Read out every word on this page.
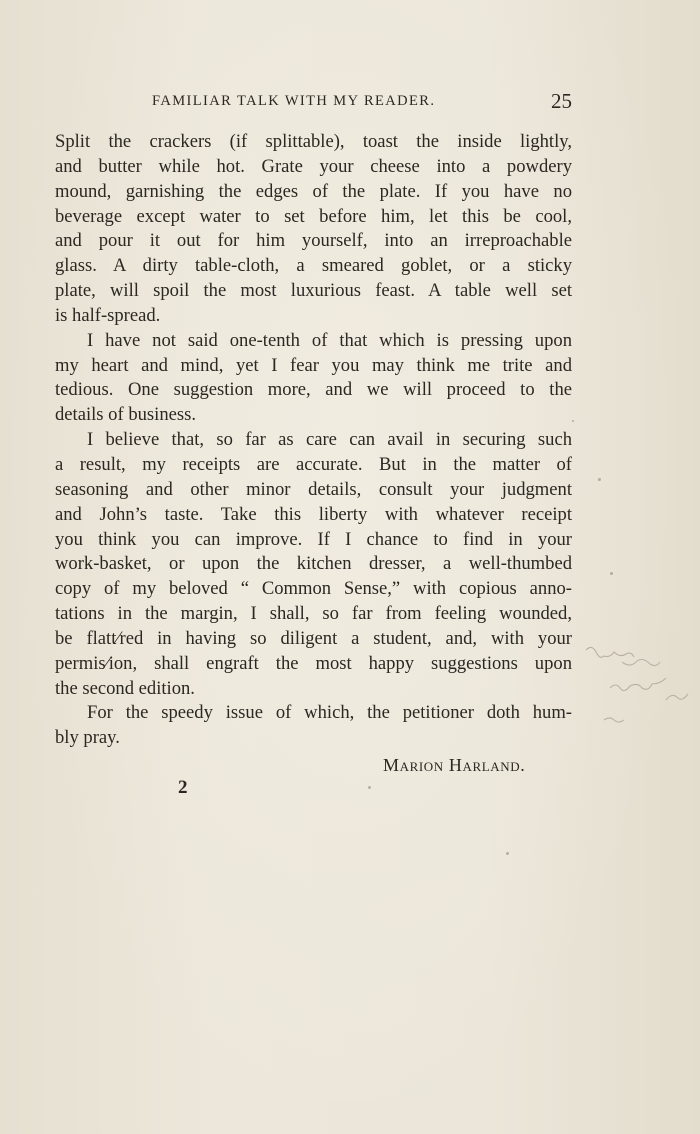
FAMILIAR TALK WITH MY READER.	25
Split the crackers (if splittable), toast the inside lightly,
and butter while hot. Grate your cheese into a powdery
mound, garnishing the edges of the plate. If you have no
beverage except water to set before him, let this be cool,
and pour it out for him yourself, into an irreproachable
glass. A dirty table-cloth, a smeared goblet, or a sticky
plate, will spoil the most luxurious feast. A table well set
is half-spread.
I have not said one-tenth of that which is pressing upon
my heart and mind, yet I fear you may think me trite and
tedious. One suggestion more, and we will proceed to the
details of business.
I believe that, so far as care can avail in securing such
a result, my receipts are accurate. But in the matter of
seasoning and other minor details, consult your judgment
and John’s taste. Take this liberty with whatever receipt
you think you can improve. If I chance to find in your
work-basket, or upon the kitchen dresser, a well-thumbed
copy of my beloved “ Common Sense,” with copious anno-
tations in the margin, I shall, so far from feeling wounded,
be flatt⁄red in having so diligent a student, and, with your
permis⁄ion, shall engraft the most happy suggestions upon
the second edition.
For the speedy issue of which, the petitioner doth hum-
bly pray.
Marion Harland.
2
